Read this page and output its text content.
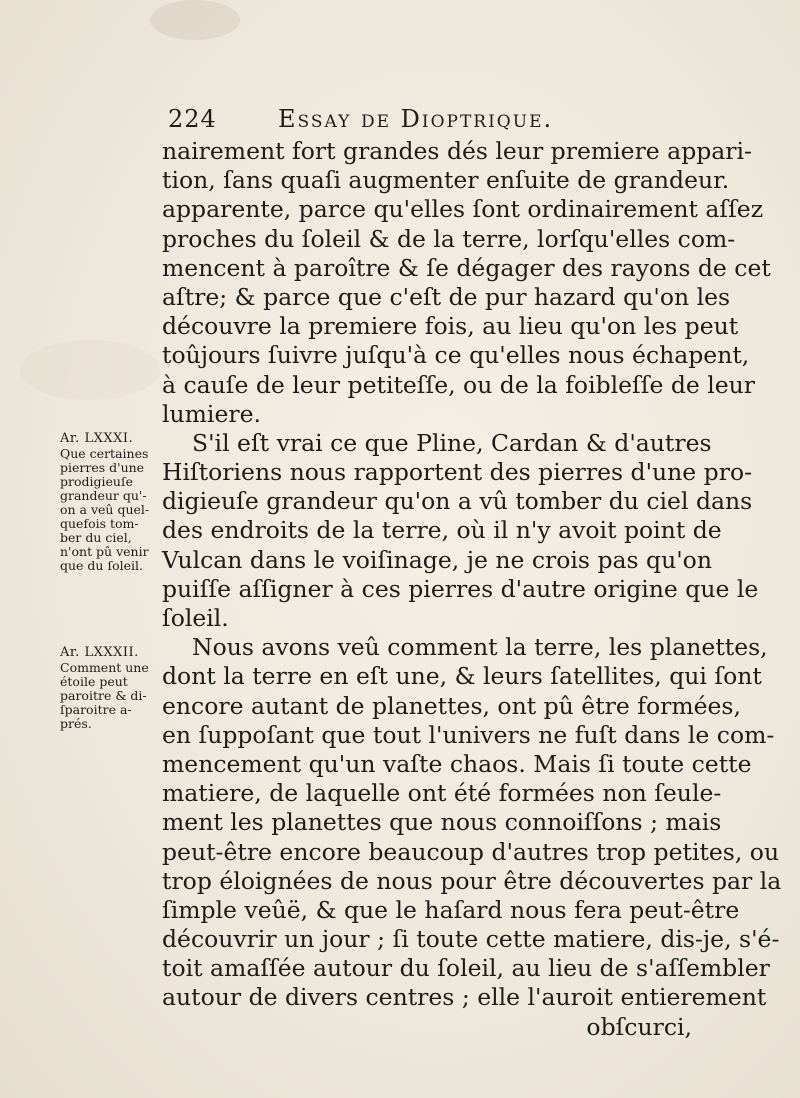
224	Essay de Dioptrique.
nairement fort grandes dés leur premiere appari-
tion, ſans quaſi augmenter enſuite de grandeur.
apparente, parce qu'elles ſont ordinairement aſſez
proches du ſoleil & de la terre, lorſqu'elles com-
mencent à paroître & ſe dégager des rayons de cet
aſtre; & parce que c'eſt de pur hazard qu'on les
découvre la premiere fois, au lieu qu'on les peut
toûjours ſuivre juſqu'à ce qu'elles nous échapent,
à cauſe de leur petiteſſe, ou de la foibleſſe de leur
lumiere.
S'il eſt vrai ce que Pline, Cardan & d'autres
Hiſtoriens nous rapportent des pierres d'une pro-
digieuſe grandeur qu'on a vû tomber du ciel dans
des endroits de la terre, où il n'y avoit point de
Vulcan dans le voiſinage, je ne crois pas qu'on
puiſſe aſſigner à ces pierres d'autre origine que le
ſoleil.
Nous avons veû comment la terre, les planettes,
dont la terre en eſt une, & leurs ſatellites, qui ſont
encore autant de planettes, ont pû être formées,
en ſuppoſant que tout l'univers ne fuſt dans le com-
mencement qu'un vaſte chaos. Mais ſi toute cette
matiere, de laquelle ont été formées non ſeule-
ment les planettes que nous connoiſſons ; mais
peut-être encore beaucoup d'autres trop petites, ou
trop éloignées de nous pour être découvertes par la
ſimple veûë, & que le haſard nous fera peut-être
découvrir un jour ; ſi toute cette matiere, dis-je, s'é-
toit amaſſée autour du ſoleil, au lieu de s'aſſembler
autour de divers centres ; elle l'auroit entierement
obſcurci,
Ar. LXXXI.
Que certaines
pierres d'une
prodigieuſe
grandeur qu'-
on a veû quel-
quefois tom-
ber du ciel,
n'ont pû venir
que du ſoleil.
Ar. LXXXII.
Comment une
étoile peut
paroitre & di-
ſparoitre a-
prés.
